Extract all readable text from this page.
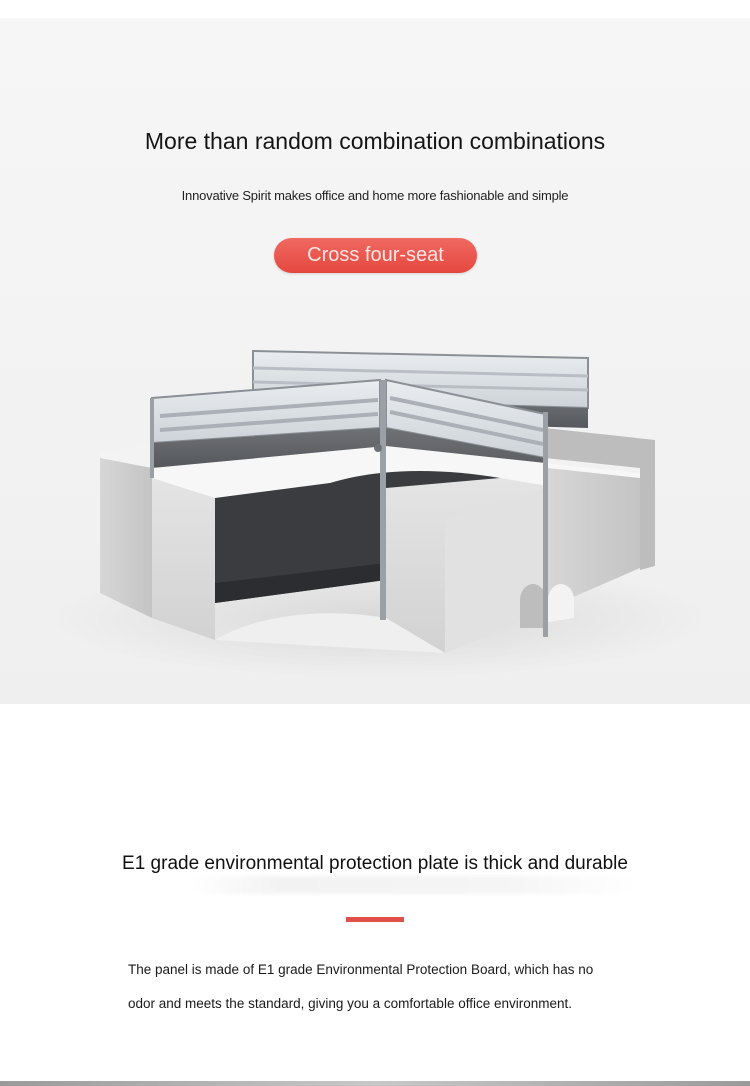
More than random combination combinations
Innovative Spirit makes office and home more fashionable and simple
Cross four-seat
E1 grade environmental protection plate is thick and durable

The panel is made of E1 grade Environmental Protection Board, which has no

odor and meets the standard, giving you a comfortable office environment.
